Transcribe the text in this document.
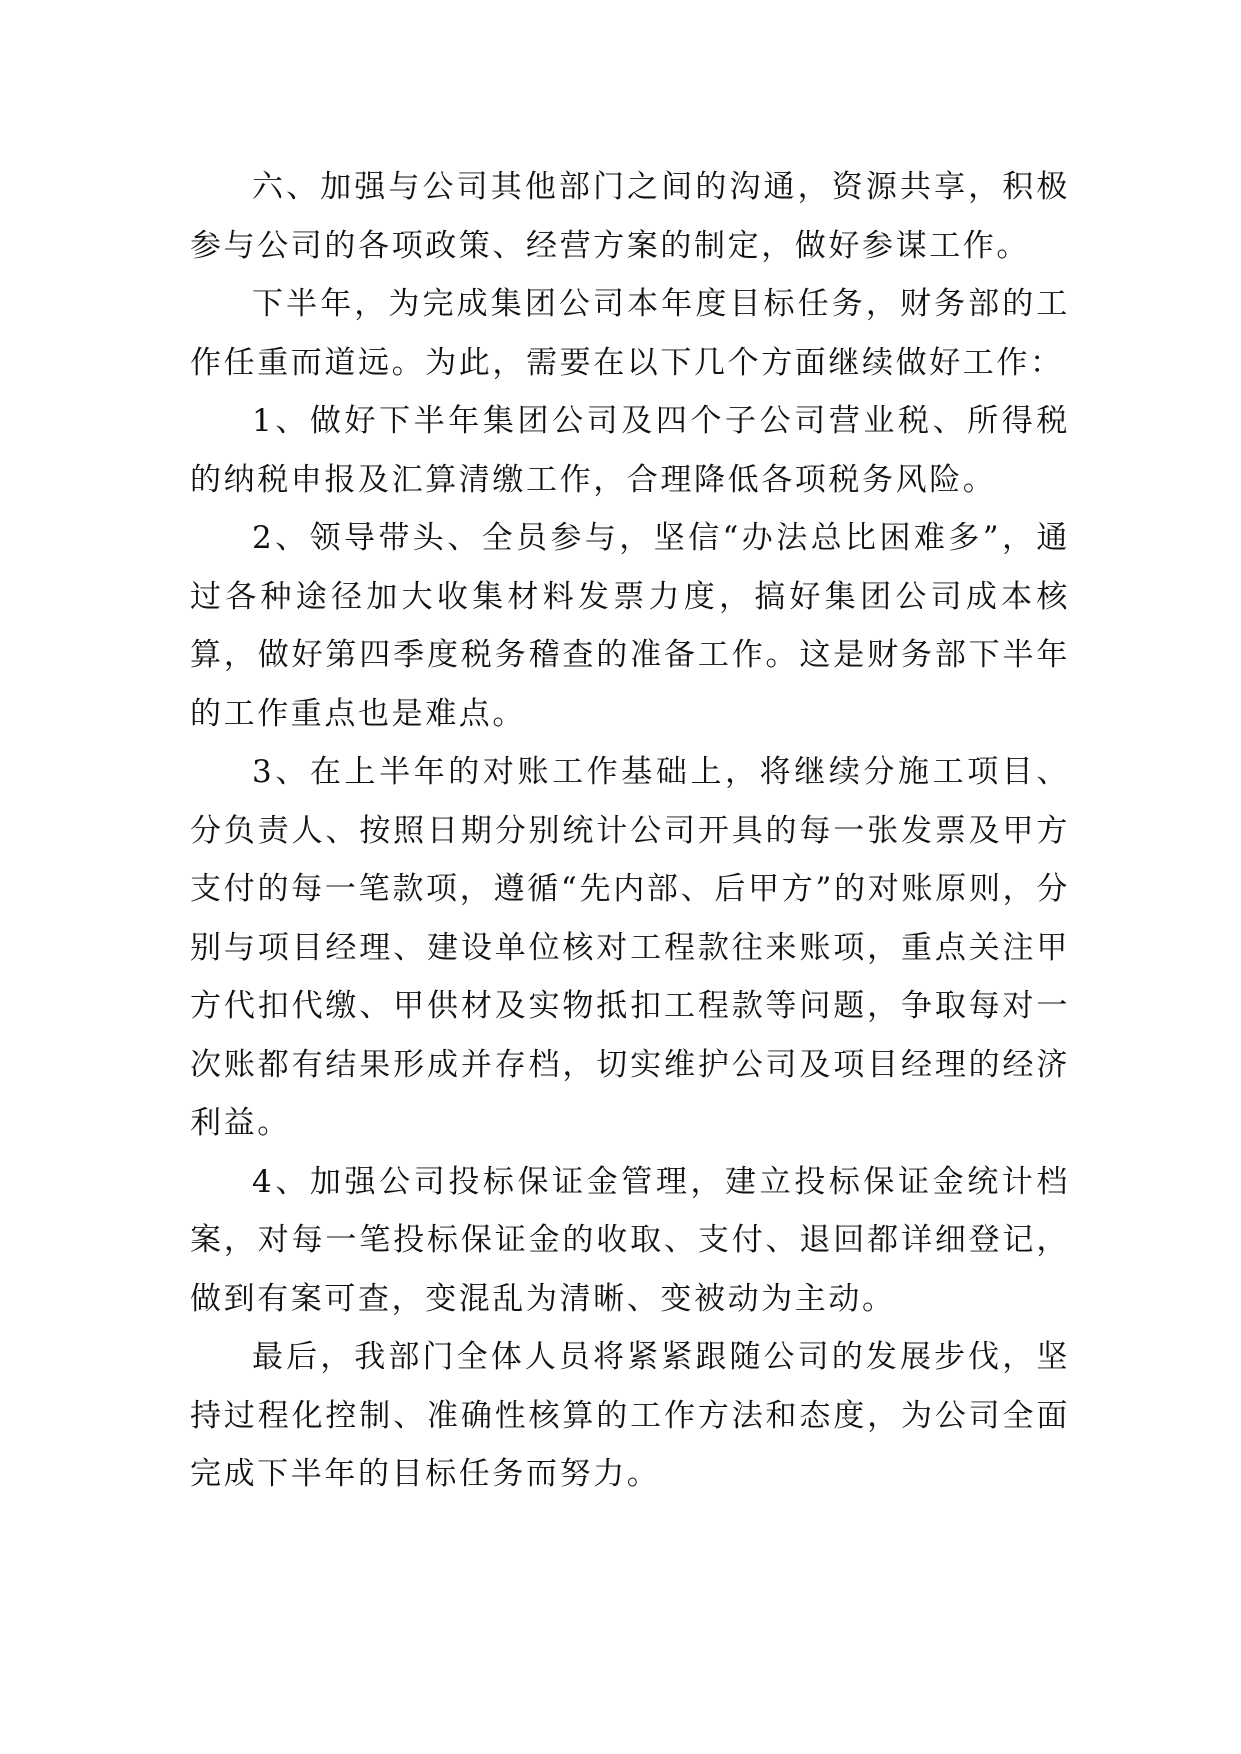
六、加强与公司其他部门之间的沟通，资源共享，积极参与公司的各项政策、经营方案的制定，做好参谋工作。

下半年，为完成集团公司本年度目标任务，财务部的工作任重而道远。为此，需要在以下几个方面继续做好工作：

1、做好下半年集团公司及四个子公司营业税、所得税的纳税申报及汇算清缴工作，合理降低各项税务风险。

2、领导带头、全员参与，坚信“办法总比困难多”，通过各种途径加大收集材料发票力度，搞好集团公司成本核算，做好第四季度税务稽查的准备工作。这是财务部下半年的工作重点也是难点。

3、在上半年的对账工作基础上，将继续分施工项目、分负责人、按照日期分别统计公司开具的每一张发票及甲方支付的每一笔款项，遵循“先内部、后甲方”的对账原则，分别与项目经理、建设单位核对工程款往来账项，重点关注甲方代扣代缴、甲供材及实物抵扣工程款等问题，争取每对一次账都有结果形成并存档，切实维护公司及项目经理的经济利益。

4、加强公司投标保证金管理，建立投标保证金统计档案，对每一笔投标保证金的收取、支付、退回都详细登记，做到有案可查，变混乱为清晰、变被动为主动。

最后，我部门全体人员将紧紧跟随公司的发展步伐，坚持过程化控制、准确性核算的工作方法和态度，为公司全面完成下半年的目标任务而努力。
